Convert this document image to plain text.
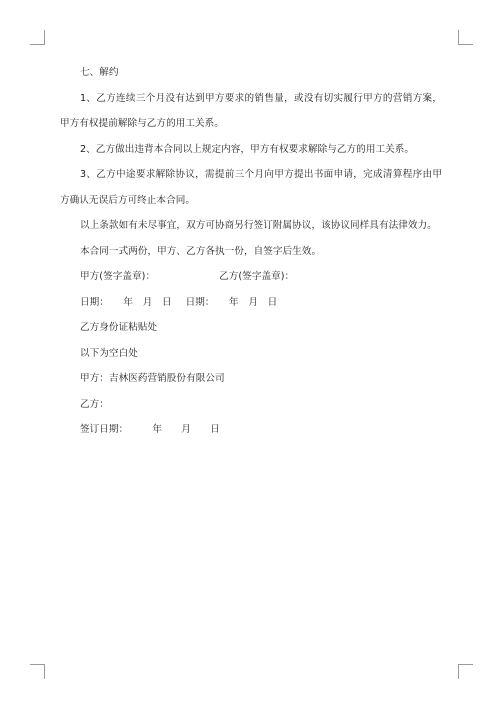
七、解约

1、乙方连续三个月没有达到甲方要求的销售量，或没有切实履行甲方的营销方案，甲方有权提前解除与乙方的用工关系。

2、乙方做出违背本合同以上规定内容，甲方有权要求解除与乙方的用工关系。

3、乙方中途要求解除协议，需提前三个月向甲方提出书面申请，完成清算程序由甲方确认无误后方可终止本合同。

以上条款如有未尽事宜，双方可协商另行签订附属协议，该协议同样具有法律效力。

本合同一式两份，甲方、乙方各执一份，自签字后生效。

甲方(签字盖章)：	乙方(签字盖章)：
日期：　　年　月　日 日期：　　年　月　日
乙方身份证粘贴处
以下为空白处
甲方：吉林医药营销股份有限公司
乙方：
签订日期：　　　年　　月　　日
